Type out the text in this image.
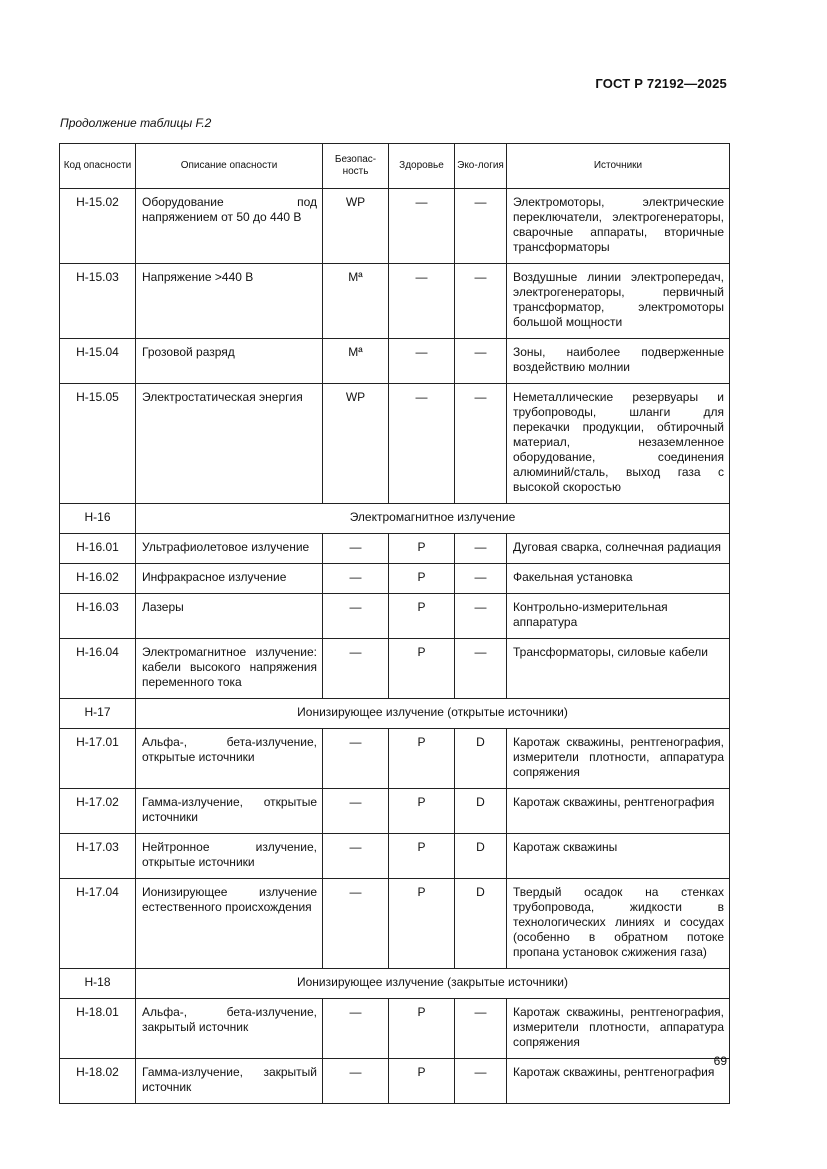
ГОСТ Р 72192—2025
Продолжение таблицы F.2
Код опасности	Описание опасности	Безопас-ность	Здоровье	Эко-логия	Источники
Н-15.02	Оборудование под напряжением от 50 до 440 В	WP	—	—	Электромоторы, электрические переключатели, электрогенераторы, сварочные аппараты, вторичные трансформаторы
Н-15.03	Напряжение >440 В	Мª	—	—	Воздушные линии электропередач, электрогенераторы, первичный трансформатор, электромоторы большой мощности
Н-15.04	Грозовой разряд	Мª	—	—	Зоны, наиболее подверженные воздействию молнии
Н-15.05	Электростатическая энергия	WP	—	—	Неметаллические резервуары и трубопроводы, шланги для перекачки продукции, обтирочный материал, незаземленное оборудование, соединения алюминий/сталь, выход газа с высокой скоростью
Н-16	Электромагнитное излучение				
Н-16.01	Ультрафиолетовое излучение	—	Р	—	Дуговая сварка, солнечная радиация
Н-16.02	Инфракрасное излучение	—	Р	—	Факельная установка
Н-16.03	Лазеры	—	Р	—	Контрольно-измерительная аппаратура
Н-16.04	Электромагнитное излучение: кабели высокого напряжения переменного тока	—	Р	—	Трансформаторы, силовые кабели
Н-17	Ионизирующее излучение (открытые источники)				
Н-17.01	Альфа-, бета-излучение, открытые источники	—	Р	D	Каротаж скважины, рентгенография, измерители плотности, аппаратура сопряжения
Н-17.02	Гамма-излучение, открытые источники	—	Р	D	Каротаж скважины, рентгенография
Н-17.03	Нейтронное излучение, открытые источники	—	Р	D	Каротаж скважины
Н-17.04	Ионизирующее излучение естественного происхождения	—	Р	D	Твердый осадок на стенках трубопровода, жидкости в технологических линиях и сосудах (особенно в обратном потоке пропана установок сжижения газа)
Н-18	Ионизирующее излучение (закрытые источники)				
Н-18.01	Альфа-, бета-излучение, закрытый источник	—	Р	—	Каротаж скважины, рентгенография, измерители плотности, аппаратура сопряжения
Н-18.02	Гамма-излучение, закрытый источник	—	Р	—	Каротаж скважины, рентгенография
69
